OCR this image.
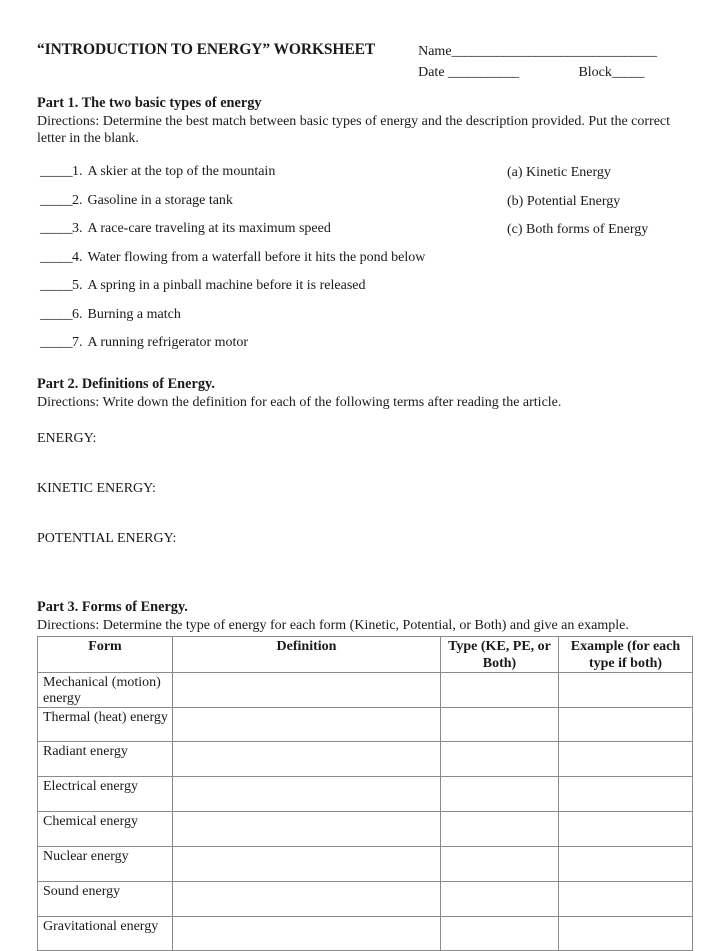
“INTRODUCTION TO ENERGY” WORKSHEET	Name________________________________
Date ___________	Block_____
Part 1. The two basic types of energy
Directions: Determine the best match between basic types of energy and the description provided. Put the correct letter in the blank.
_____1. A skier at the top of the mountain
_____2. Gasoline in a storage tank
_____3. A race-care traveling at its maximum speed
_____4. Water flowing from a waterfall before it hits the pond below
_____5. A spring in a pinball machine before it is released
_____6. Burning a match
_____7. A running refrigerator motor
(a) Kinetic Energy
(b) Potential Energy
(c) Both forms of Energy
Part 2. Definitions of Energy.
Directions: Write down the definition for each of the following terms after reading the article.
ENERGY:
KINETIC ENERGY:
POTENTIAL ENERGY:
Part 3. Forms of Energy.
Directions: Determine the type of energy for each form (Kinetic, Potential, or Both) and give an example.
Form	Definition	Type (KE, PE, or Both)	Example (for each type if both)
Mechanical (motion) energy			
Thermal (heat) energy			
Radiant energy			
Electrical energy			
Chemical energy			
Nuclear energy			
Sound energy			
Gravitational energy			
